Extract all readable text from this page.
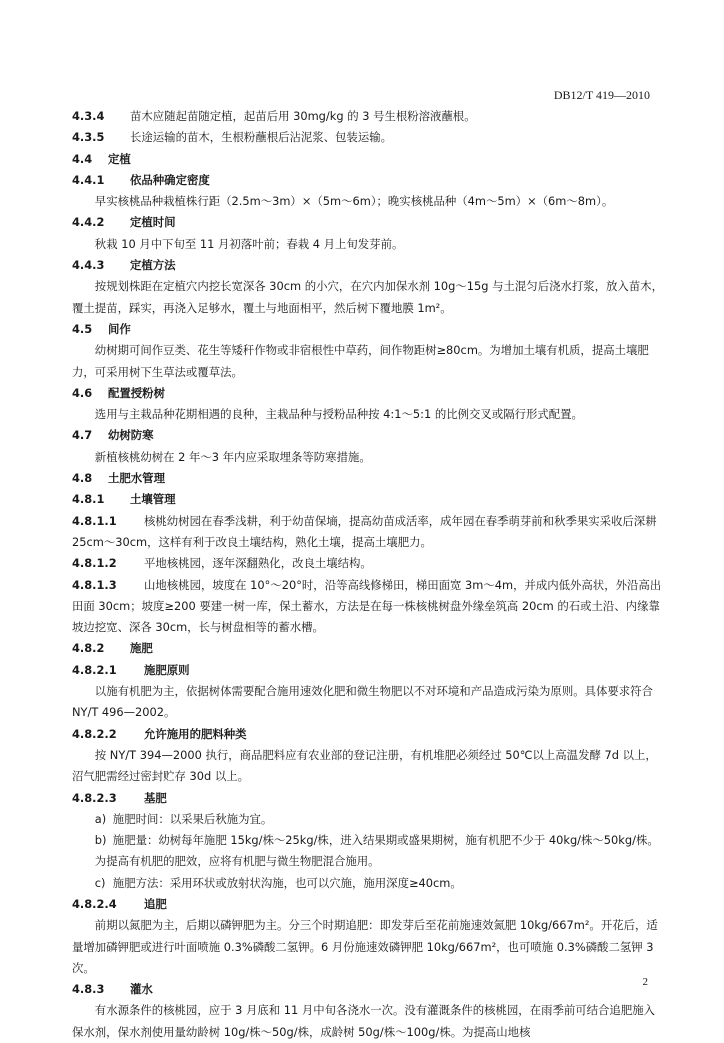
DB12/T 419—2010

4.3.4 苗木应随起苗随定植，起苗后用 30mg/kg 的 3 号生根粉溶液蘸根。

4.3.5 长途运输的苗木，生根粉蘸根后沾泥浆、包装运输。

4.4 定植

4.4.1 依品种确定密度

早实核桃品种栽植株行距（2.5m～3m）×（5m～6m）；晚实核桃品种（4m～5m）×（6m～8m）。

4.4.2 定植时间

秋栽 10 月中下旬至 11 月初落叶前；春栽 4 月上旬发芽前。

4.4.3 定植方法

按规划株距在定植穴内挖长宽深各 30cm 的小穴，在穴内加保水剂 10g～15g 与土混匀后浇水打浆，放入苗木，覆土提苗，踩实，再浇入足够水，覆土与地面相平，然后树下覆地膜 1m²。

4.5 间作

幼树期可间作豆类、花生等矮秆作物或非宿根性中草药，间作物距树≥80cm。为增加土壤有机质，提高土壤肥力，可采用树下生草法或覆草法。

4.6 配置授粉树

选用与主栽品种花期相遇的良种，主栽品种与授粉品种按 4:1～5:1 的比例交叉或隔行形式配置。

4.7 幼树防寒

新植核桃幼树在 2 年～3 年内应采取埋条等防寒措施。

4.8 土肥水管理

4.8.1 土壤管理

4.8.1.1 核桃幼树园在春季浅耕，利于幼苗保墒，提高幼苗成活率，成年园在春季萌芽前和秋季果实采收后深耕 25cm～30cm，这样有利于改良土壤结构，熟化土壤，提高土壤肥力。

4.8.1.2 平地核桃园，逐年深翻熟化，改良土壤结构。

4.8.1.3 山地核桃园，坡度在 10°～20°时，沿等高线修梯田，梯田面宽 3m～4m，并成内低外高状，外沿高出田面 30cm；坡度≥200 要建一树一库，保土蓄水，方法是在每一株核桃树盘外缘垒筑高 20cm 的石或土沿、内缘靠坡边挖宽、深各 30cm，长与树盘相等的蓄水槽。

4.8.2 施肥

4.8.2.1 施肥原则

以施有机肥为主，依据树体需要配合施用速效化肥和微生物肥以不对环境和产品造成污染为原则。具体要求符合 NY/T 496—2002。

4.8.2.2 允许施用的肥料种类

按 NY/T 394—2000 执行，商品肥料应有农业部的登记注册，有机堆肥必须经过 50℃以上高温发酵 7d 以上，沼气肥需经过密封贮存 30d 以上。

4.8.2.3 基肥

a) 施肥时间：以采果后秋施为宜。

b) 施肥量：幼树每年施肥 15kg/株～25kg/株，进入结果期或盛果期树，施有机肥不少于 40kg/株～50kg/株。为提高有机肥的肥效，应将有机肥与微生物肥混合施用。

c) 施肥方法：采用环状或放射状沟施，也可以穴施，施用深度≥40cm。

4.8.2.4 追肥

前期以氮肥为主，后期以磷钾肥为主。分三个时期追肥：即发芽后至花前施速效氮肥 10kg/667m²。开花后，适量增加磷钾肥或进行叶面喷施 0.3%磷酸二氢钾。6 月份施速效磷钾肥 10kg/667m²，也可喷施 0.3%磷酸二氢钾 3 次。

4.8.3 灌水

有水源条件的核桃园，应于 3 月底和 11 月中旬各浇水一次。没有灌溉条件的核桃园，在雨季前可结合追肥施入保水剂，保水剂使用量幼龄树 10g/株～50g/株，成龄树 50g/株～100g/株。为提高山地核

2
